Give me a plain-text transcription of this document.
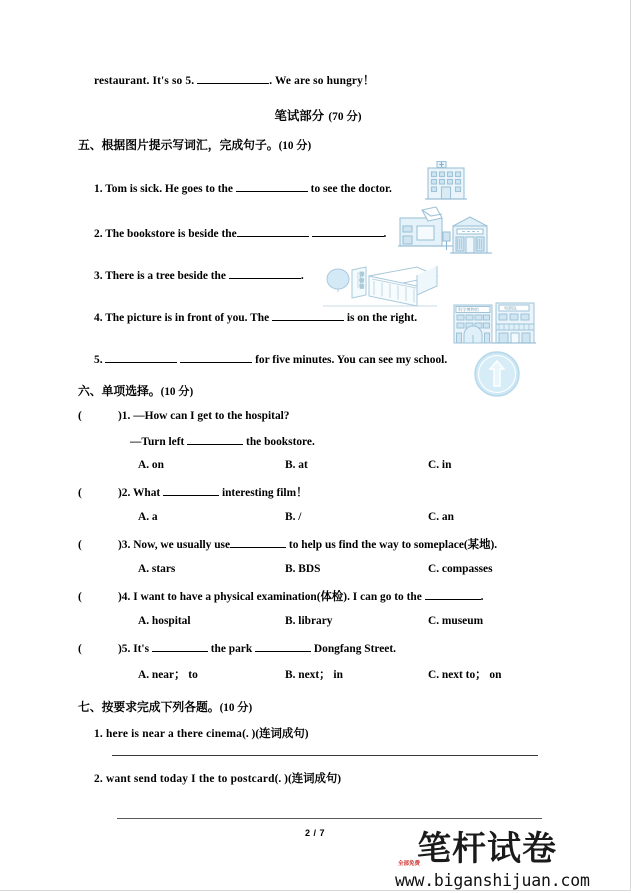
restaurant. It's so 5.	. We are so hungry！
笔试部分 (70 分)
五、根据图片提示写词汇，完成句子。(10 分)
1. Tom is sick. He goes to the	to see the doctor.
2. The bookstore is beside the	.
3. There is a tree beside the	.
4. The picture is in front of you. The	is on the right.
5.	for five minutes. You can see my school.
六、单项选择。(10 分)
(	)1. —How can I get to the hospital?
—Turn left	the bookstore.
A. on	B. at	C. in
(	)2. What	interesting film！
A. a	B. /	C. an
(	)3. Now, we usually use	to help us find the way to someplace(某地).
A. stars	B. BDS	C. compasses
(	)4. I want to have a physical examination(体检). I can go to the	.
A. hospital	B. library	C. museum
(	)5. It's	the park	Dongfang Street.
A. near； to	B. next； in	C. next to； on
七、按要求完成下列各题。(10 分)
1. here is near a there cinema(. )(连词成句)
2. want send today I the to postcard(. )(连词成句)
博
物
馆
科学博物馆	电影院
2 / 7	笔杆试卷
全部免费
www.biganshijuan.com
